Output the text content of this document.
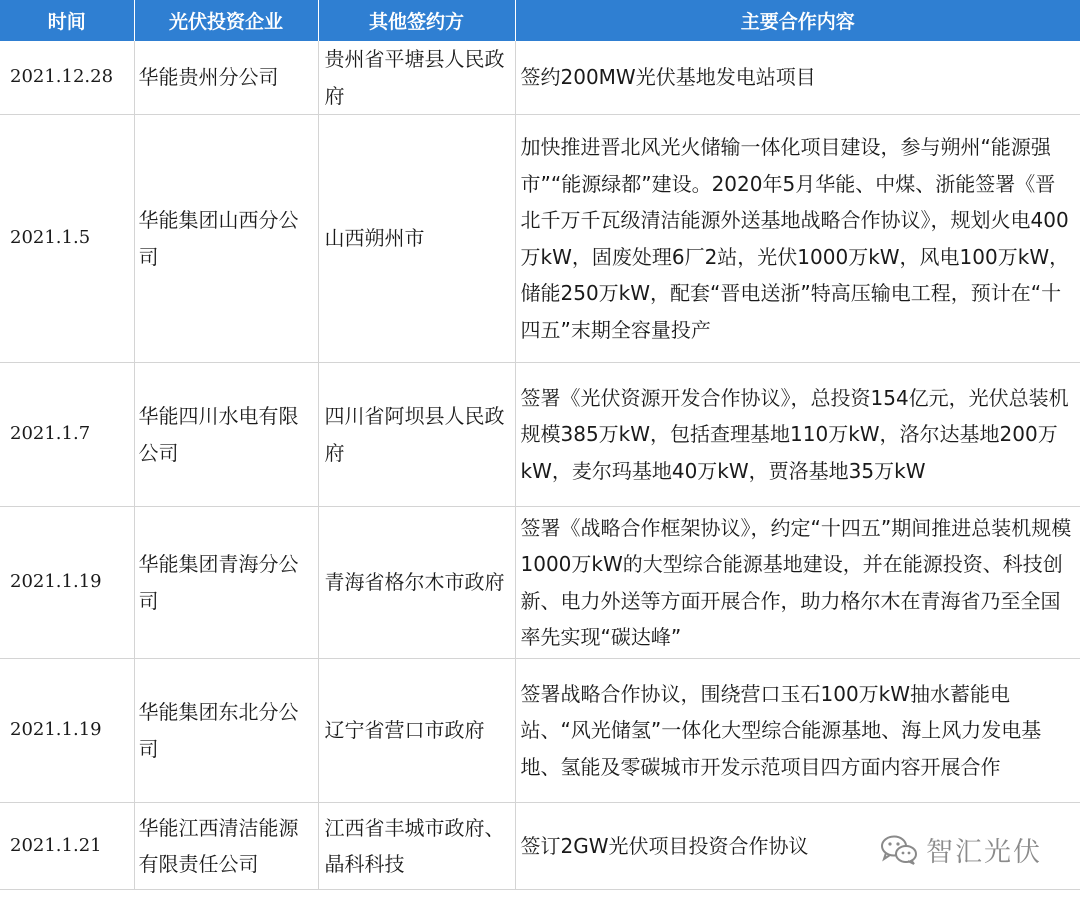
时间	光伏投资企业	其他签约方	主要合作内容
2021.12.28	华能贵州分公司	贵州省平塘县人民政府	签约200MW光伏基地发电站项目
2021.1.5	华能集团山西分公司	山西朔州市	加快推进晋北风光火储输一体化项目建设，参与朔州“能源强市”“能源绿都”建设。2020年5月华能、中煤、浙能签署《晋北千万千瓦级清洁能源外送基地战略合作协议》，规划火电400万kW，固废处理6厂2站，光伏1000万kW，风电100万kW，储能250万kW，配套“晋电送浙”特高压输电工程，预计在“十四五”末期全容量投产
2021.1.7	华能四川水电有限公司	四川省阿坝县人民政府	签署《光伏资源开发合作协议》，总投资154亿元，光伏总装机规模385万kW，包括查理基地110万kW，洛尔达基地200万kW，麦尔玛基地40万kW，贾洛基地35万kW
2021.1.19	华能集团青海分公司	青海省格尔木市政府	签署《战略合作框架协议》，约定“十四五”期间推进总装机规模1000万kW的大型综合能源基地建设，并在能源投资、科技创新、电力外送等方面开展合作，助力格尔木在青海省乃至全国率先实现“碳达峰”
2021.1.19	华能集团东北分公司	辽宁省营口市政府	签署战略合作协议，围绕营口玉石100万kW抽水蓄能电站、“风光储氢”一体化大型综合能源基地、海上风力发电基地、氢能及零碳城市开发示范项目四方面内容开展合作
2021.1.21	华能江西清洁能源有限责任公司	江西省丰城市政府、晶科科技	签订2GW光伏项目投资合作协议	智汇光伏
